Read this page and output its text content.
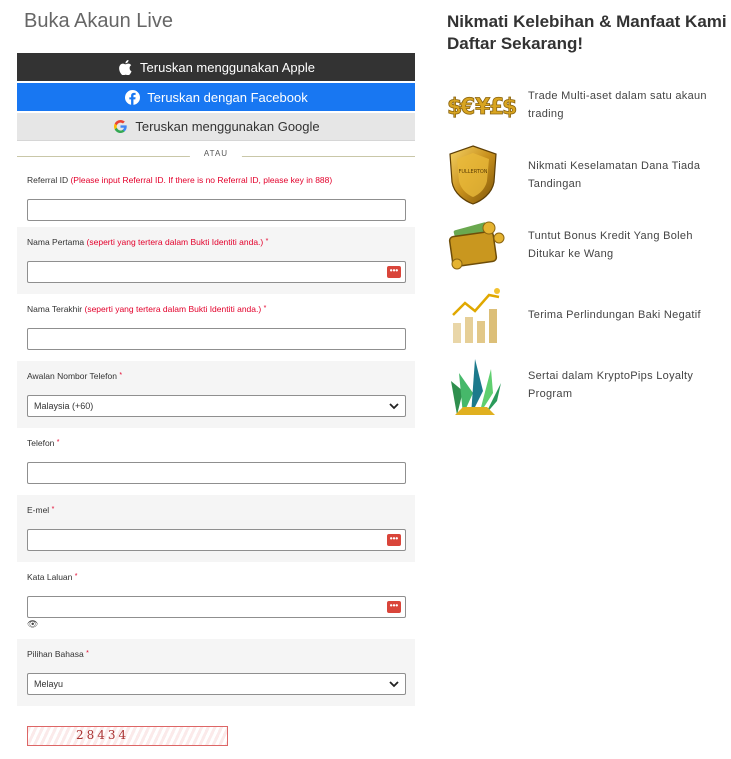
Buka Akaun Live
Teruskan menggunakan Apple
Teruskan dengan Facebook
Teruskan menggunakan Google
ATAU
Referral ID (Please input Referral ID. If there is no Referral ID, please key in 888)
Nama Pertama (seperti yang tertera dalam Bukti Identiti anda.) *
•••
Nama Terakhir (seperti yang tertera dalam Bukti Identiti anda.) *
Awalan Nombor Telefon *
Malaysia (+60)
Telefon *
E-mel *
•••
Kata Laluan *
•••
👁
Pilihan Bahasa *
Melayu
28434
Nikmati Kelebihan & Manfaat Kami Daftar Sekarang!
$
€ ¥
£
$ Trade Multi-aset dalam satu akaun trading
FULLERTON	Nikmati Keselamatan Dana Tiada Tandingan
Tuntut Bonus Kredit Yang Boleh Ditukar ke Wang
Terima Perlindungan Baki Negatif
Sertai dalam KryptoPips Loyalty Program
